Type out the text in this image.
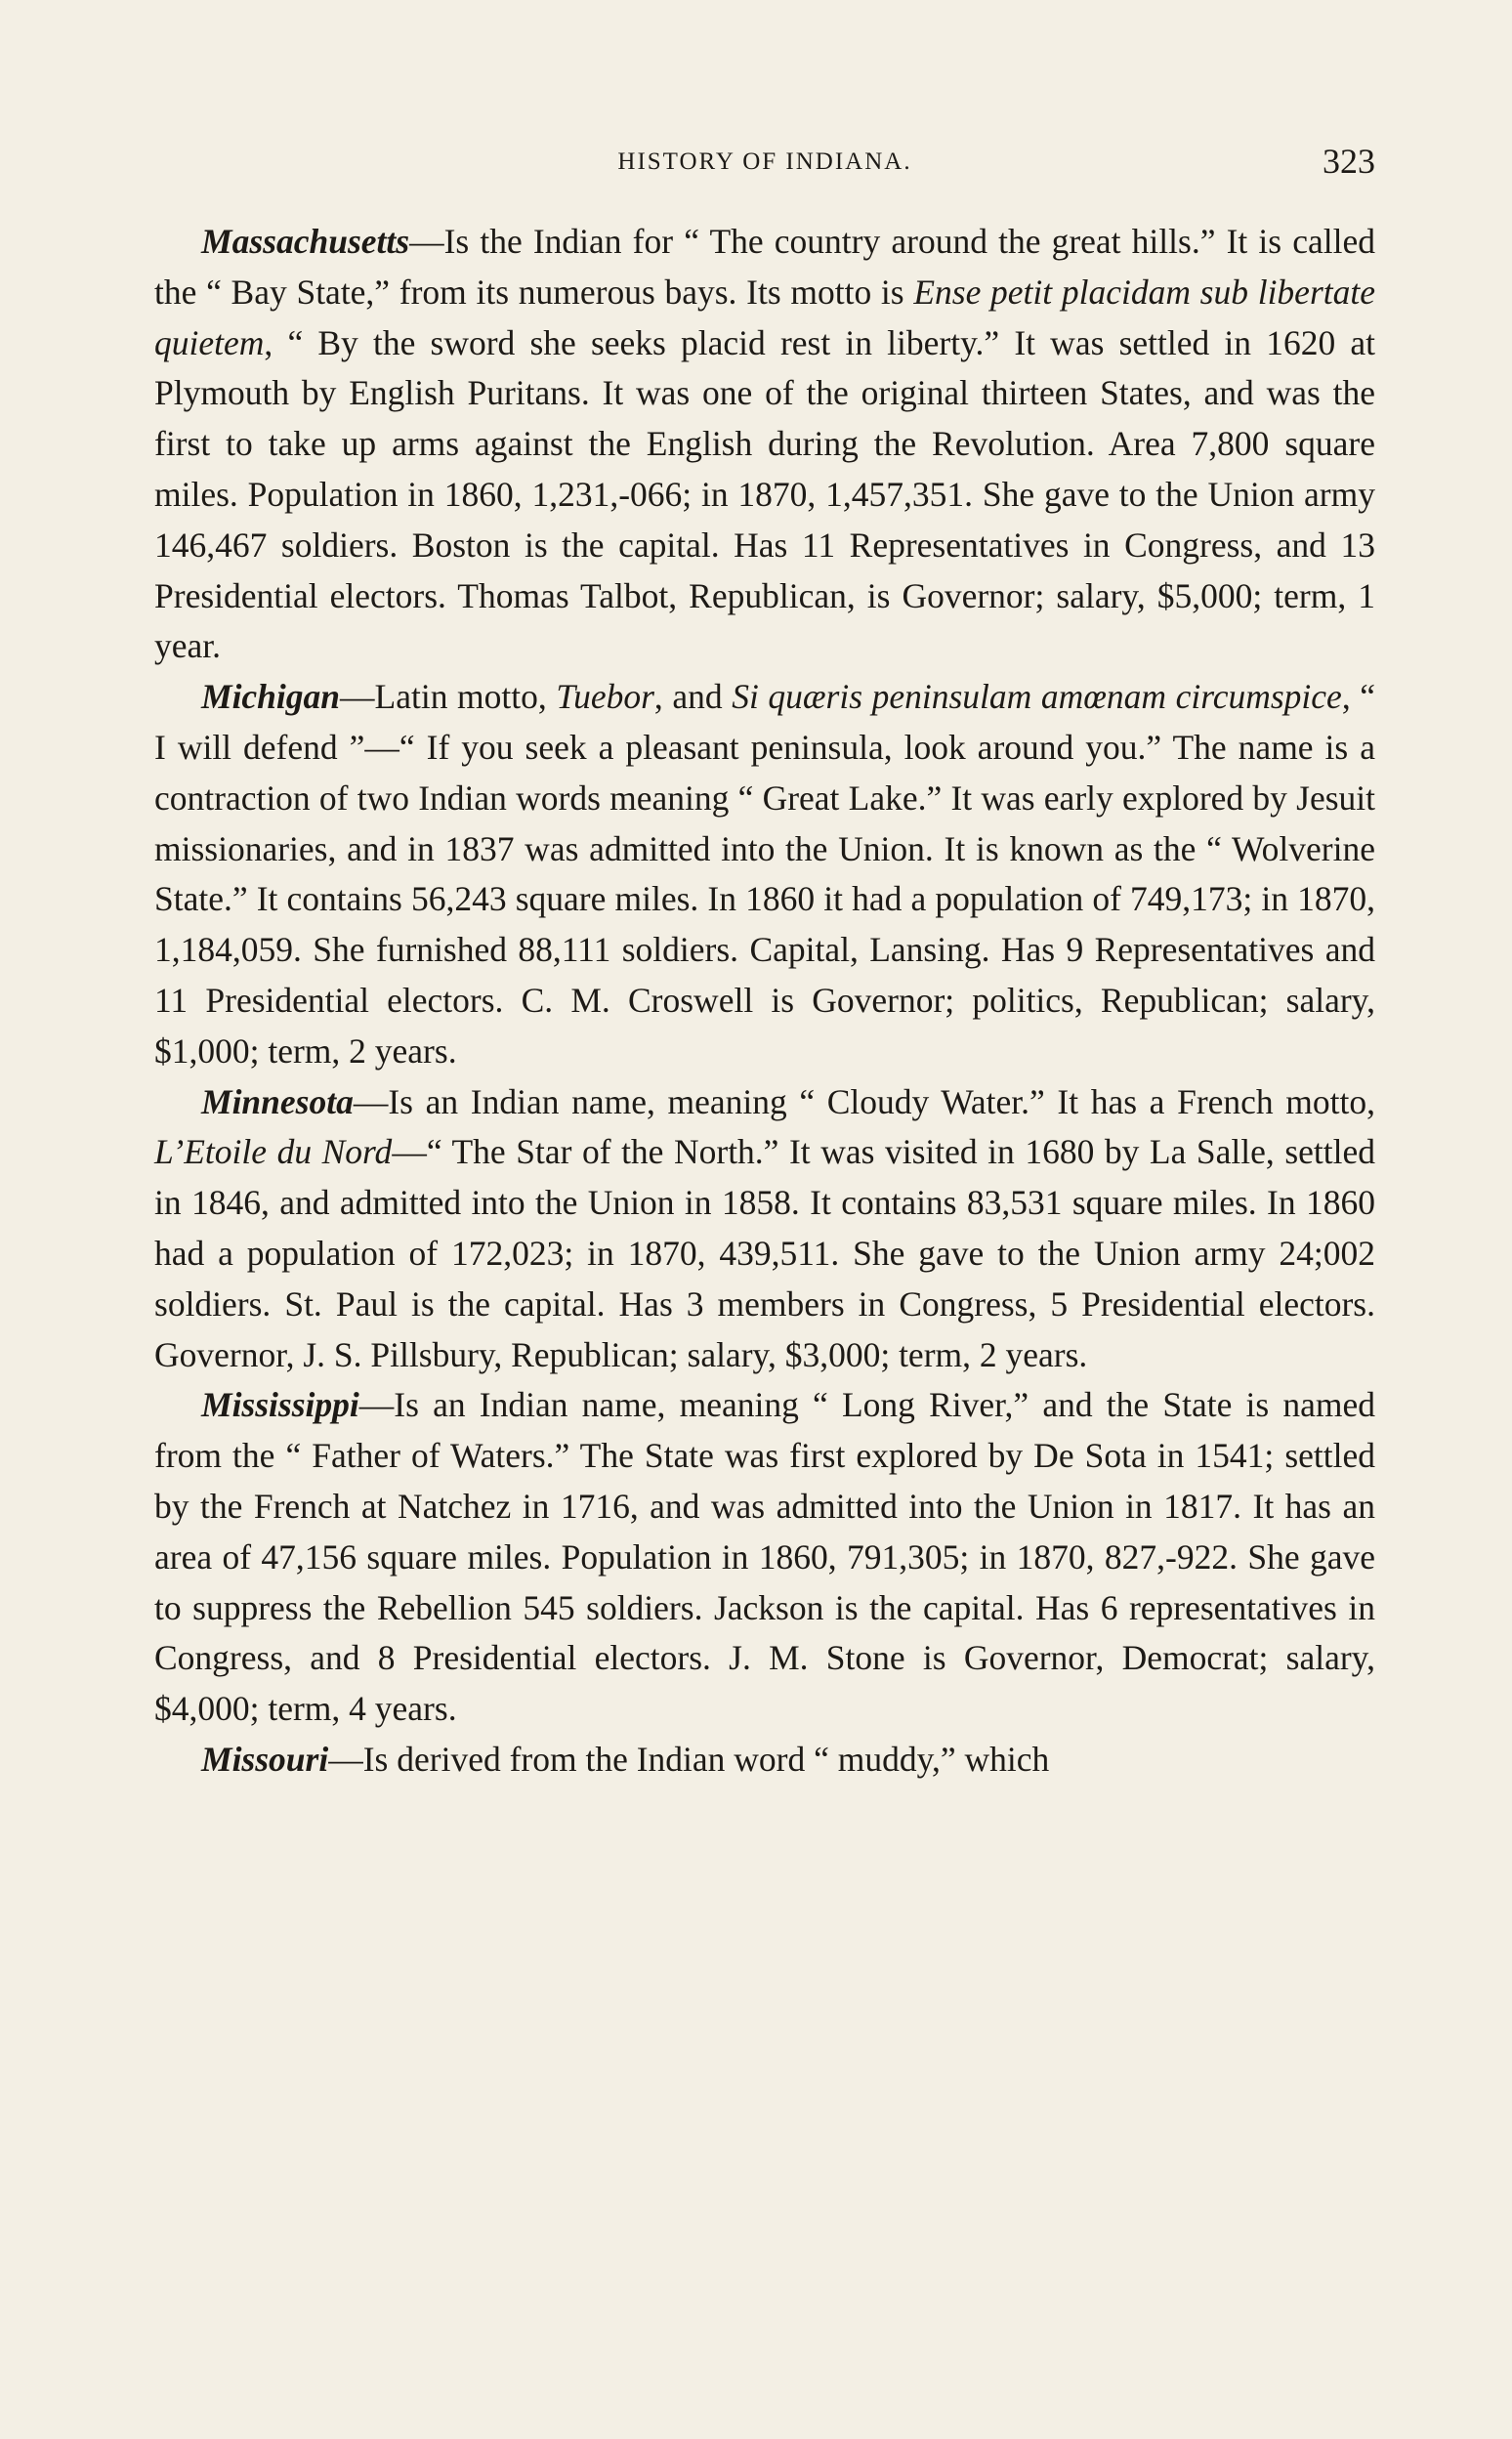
HISTORY OF INDIANA.	323

Massachusetts—Is the Indian for “ The country around the great hills.” It is called the “ Bay State,” from its numerous bays. Its motto is Ense petit placidam sub libertate quietem, “ By the sword she seeks placid rest in liberty.” It was settled in 1620 at Plymouth by English Puritans. It was one of the original thirteen States, and was the first to take up arms against the English during the Revolution. Area 7,800 square miles. Population in 1860, 1,231,-066; in 1870, 1,457,351. She gave to the Union army 146,467 soldiers. Boston is the capital. Has 11 Representatives in Congress, and 13 Presidential electors. Thomas Talbot, Republican, is Governor; salary, $5,000; term, 1 year.

Michigan—Latin motto, Tuebor, and Si quæris peninsulam amœnam circumspice, “ I will defend ”—“ If you seek a pleasant peninsula, look around you.” The name is a contraction of two Indian words meaning “ Great Lake.” It was early explored by Jesuit missionaries, and in 1837 was admitted into the Union. It is known as the “ Wolverine State.” It contains 56,243 square miles. In 1860 it had a population of 749,173; in 1870, 1,184,059. She furnished 88,111 soldiers. Capital, Lansing. Has 9 Representatives and 11 Presidential electors. C. M. Croswell is Governor; politics, Republican; salary, $1,000; term, 2 years.

Minnesota—Is an Indian name, meaning “ Cloudy Water.” It has a French motto, L’Etoile du Nord—“ The Star of the North.” It was visited in 1680 by La Salle, settled in 1846, and admitted into the Union in 1858. It contains 83,531 square miles. In 1860 had a population of 172,023; in 1870, 439,511. She gave to the Union army 24;002 soldiers. St. Paul is the capital. Has 3 members in Congress, 5 Presidential electors. Governor, J. S. Pillsbury, Republican; salary, $3,000; term, 2 years.

Mississippi—Is an Indian name, meaning “ Long River,” and the State is named from the “ Father of Waters.” The State was first explored by De Sota in 1541; settled by the French at Natchez in 1716, and was admitted into the Union in 1817. It has an area of 47,156 square miles. Population in 1860, 791,305; in 1870, 827,-922. She gave to suppress the Rebellion 545 soldiers. Jackson is the capital. Has 6 representatives in Congress, and 8 Presidential electors. J. M. Stone is Governor, Democrat; salary, $4,000; term, 4 years.

Missouri—Is derived from the Indian word “ muddy,” which
